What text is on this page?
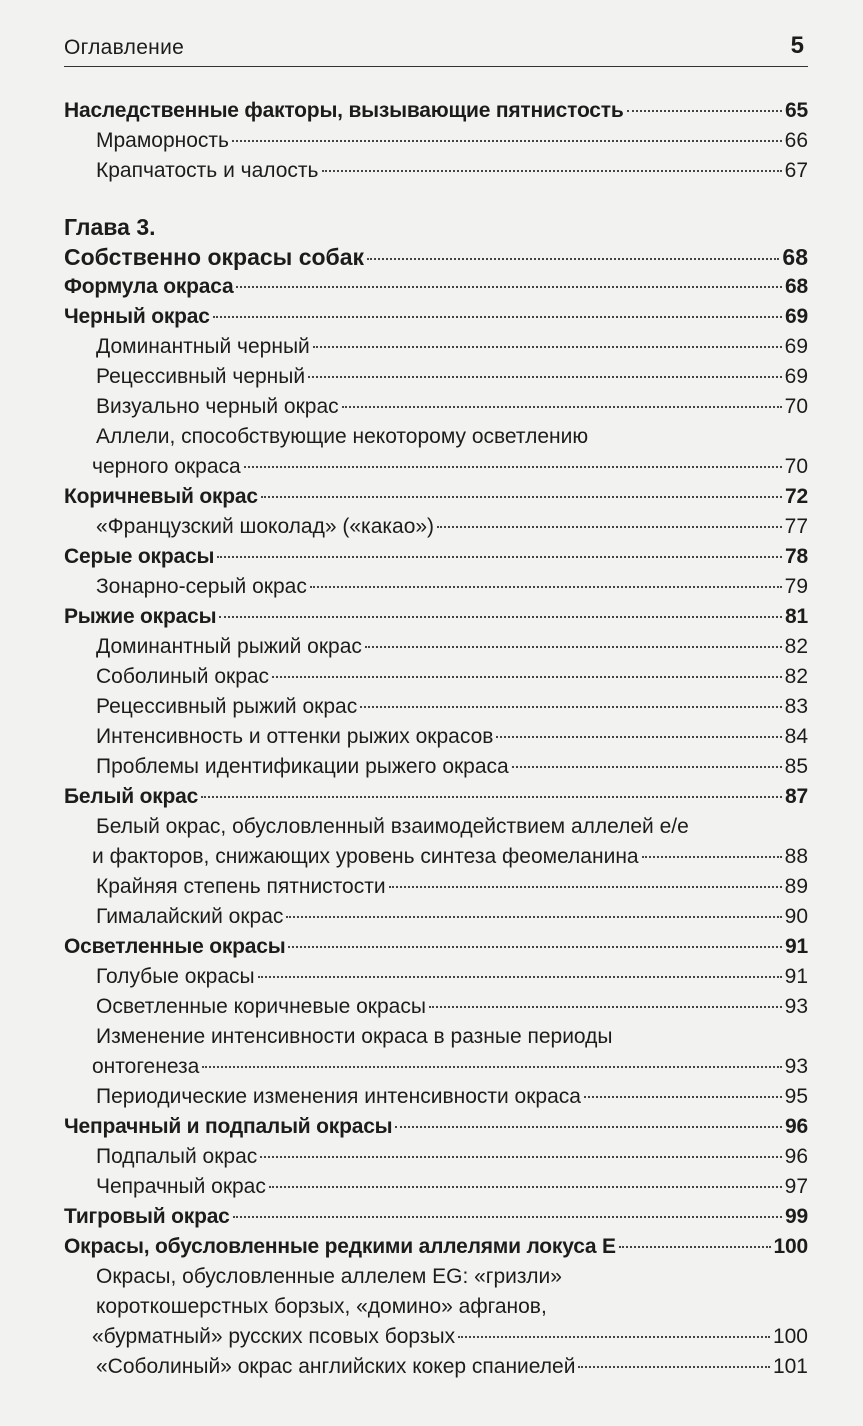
Оглавление	5
Наследственные факторы, вызывающие пятнистость	65
Мраморность	66
Крапчатость и чалость	67
Глава 3.
Собственно окрасы собак	68
Формула окраса	68
Черный окрас	69
Доминантный черный	69
Рецессивный черный	69
Визуально черный окрас	70
Аллели, способствующие некоторому осветлению
черного окраса	70
Коричневый окрас	72
«Французский шоколад» («какао»)	77
Серые окрасы	78
Зонарно-серый окрас	79
Рыжие окрасы	81
Доминантный рыжий окрас	82
Соболиный окрас	82
Рецессивный рыжий окрас	83
Интенсивность и оттенки рыжих окрасов	84
Проблемы идентификации рыжего окраса	85
Белый окрас	87
Белый окрас, обусловленный взаимодействием аллелей е/е
и факторов, снижающих уровень синтеза феомеланина	88
Крайняя степень пятнистости	89
Гималайский окрас	90
Осветленные окрасы	91
Голубые окрасы	91
Осветленные коричневые окрасы	93
Изменение интенсивности окраса в разные периоды
онтогенеза	93
Периодические изменения интенсивности окраса	95
Чепрачный и подпалый окрасы	96
Подпалый окрас	96
Чепрачный окрас	97
Тигровый окрас	99
Окрасы, обусловленные редкими аллелями локуса Е	100
Окрасы, обусловленные аллелем EG: «гризли»
короткошерстных борзых, «домино» афганов,
«бурматный» русских псовых борзых	100
«Соболиный» окрас английских кокер спаниелей	101
